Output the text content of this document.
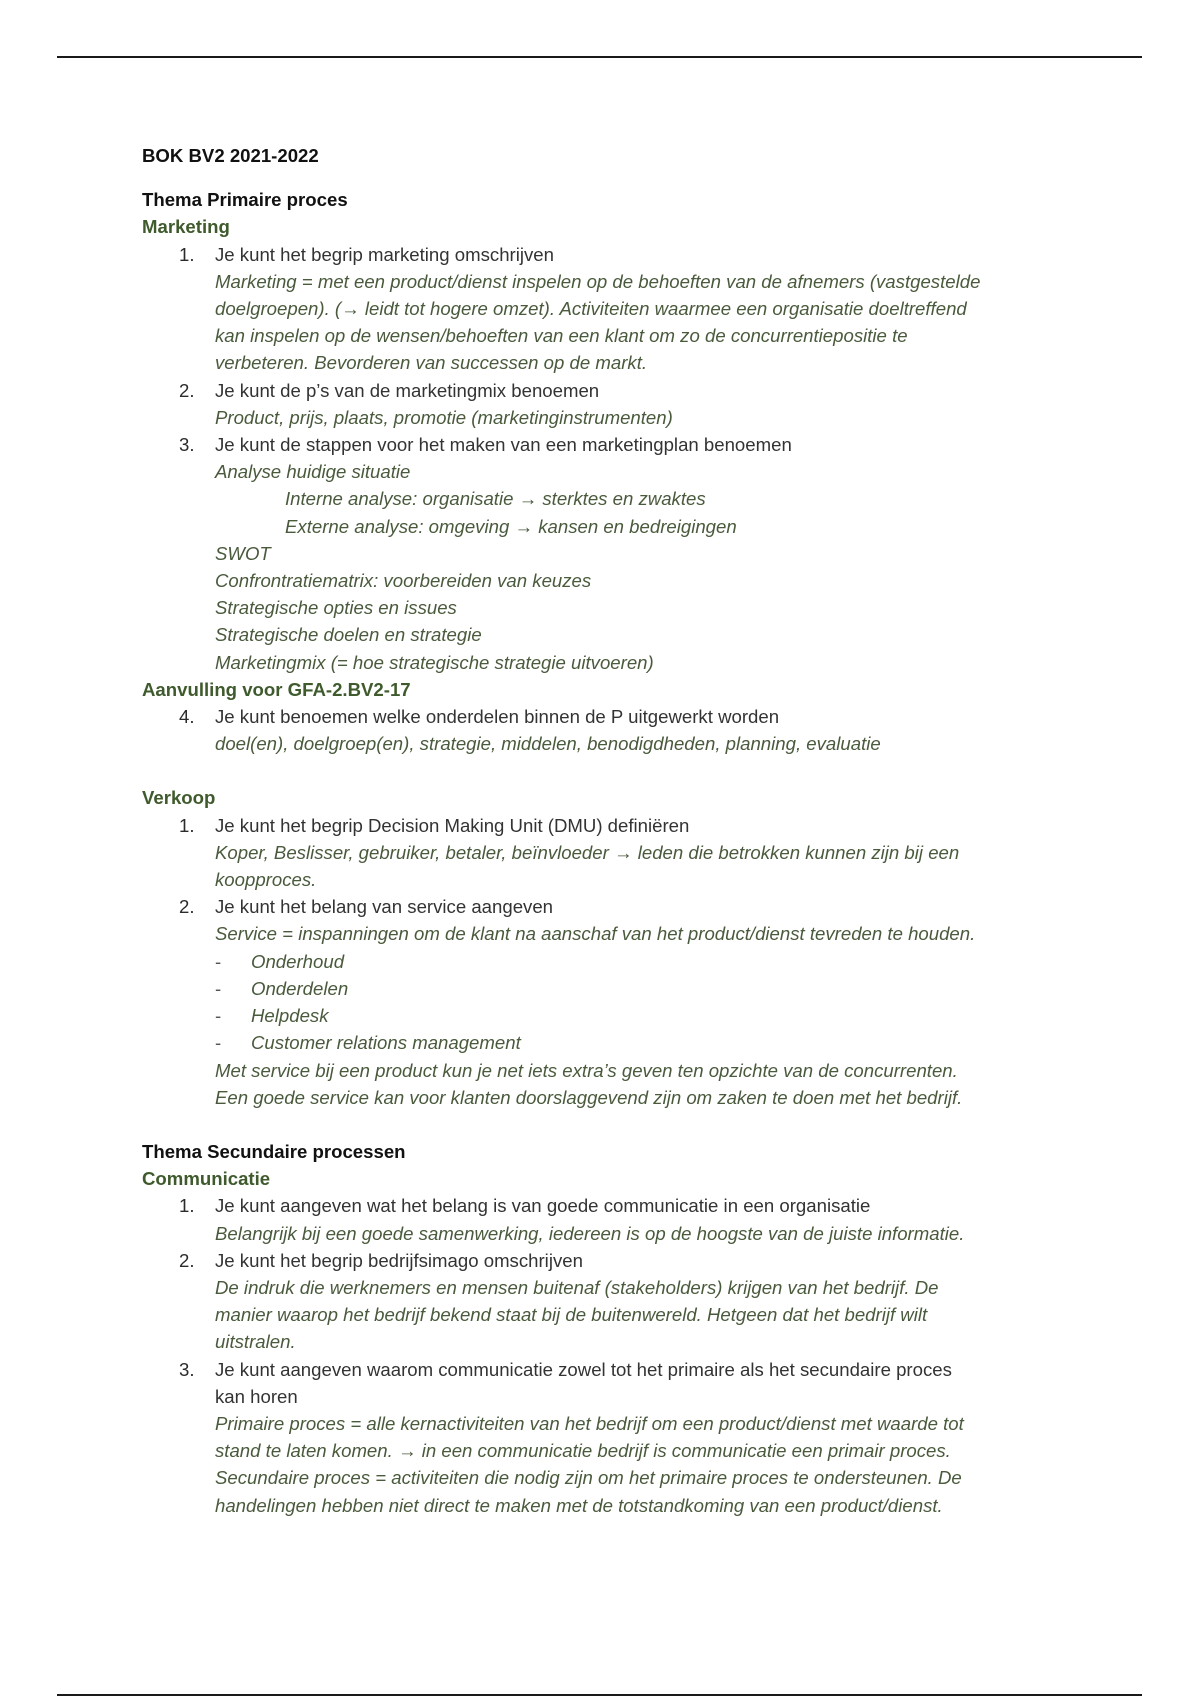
BOK BV2 2021-2022
Thema Primaire proces
Marketing
1. Je kunt het begrip marketing omschrijven
Marketing = met een product/dienst inspelen op de behoeften van de afnemers (vastgestelde
doelgroepen). (→ leidt tot hogere omzet). Activiteiten waarmee een organisatie doeltreffend
kan inspelen op de wensen/behoeften van een klant om zo de concurrentiepositie te
verbeteren. Bevorderen van successen op de markt.
2. Je kunt de p’s van de marketingmix benoemen
Product, prijs, plaats, promotie (marketinginstrumenten)
3. Je kunt de stappen voor het maken van een marketingplan benoemen
Analyse huidige situatie
Interne analyse: organisatie → sterktes en zwaktes
Externe analyse: omgeving → kansen en bedreigingen
SWOT
Confrontratiematrix: voorbereiden van keuzes
Strategische opties en issues
Strategische doelen en strategie
Marketingmix (= hoe strategische strategie uitvoeren)
Aanvulling voor GFA-2.BV2-17
4. Je kunt benoemen welke onderdelen binnen de P uitgewerkt worden
doel(en), doelgroep(en), strategie, middelen, benodigdheden, planning, evaluatie
Verkoop
1. Je kunt het begrip Decision Making Unit (DMU) definiëren
Koper, Beslisser, gebruiker, betaler, beïnvloeder → leden die betrokken kunnen zijn bij een
koopproces.
2. Je kunt het belang van service aangeven
Service = inspanningen om de klant na aanschaf van het product/dienst tevreden te houden.
- Onderhoud
- Onderdelen
- Helpdesk
- Customer relations management
Met service bij een product kun je net iets extra’s geven ten opzichte van de concurrenten.
Een goede service kan voor klanten doorslaggevend zijn om zaken te doen met het bedrijf.
Thema Secundaire processen
Communicatie
1. Je kunt aangeven wat het belang is van goede communicatie in een organisatie
Belangrijk bij een goede samenwerking, iedereen is op de hoogste van de juiste informatie.
2. Je kunt het begrip bedrijfsimago omschrijven
De indruk die werknemers en mensen buitenaf (stakeholders) krijgen van het bedrijf. De
manier waarop het bedrijf bekend staat bij de buitenwereld. Hetgeen dat het bedrijf wilt
uitstralen.
3. Je kunt aangeven waarom communicatie zowel tot het primaire als het secundaire proces
kan horen
Primaire proces = alle kernactiviteiten van het bedrijf om een product/dienst met waarde tot
stand te laten komen. → in een communicatie bedrijf is communicatie een primair proces.
Secundaire proces = activiteiten die nodig zijn om het primaire proces te ondersteunen. De
handelingen hebben niet direct te maken met de totstandkoming van een product/dienst.
